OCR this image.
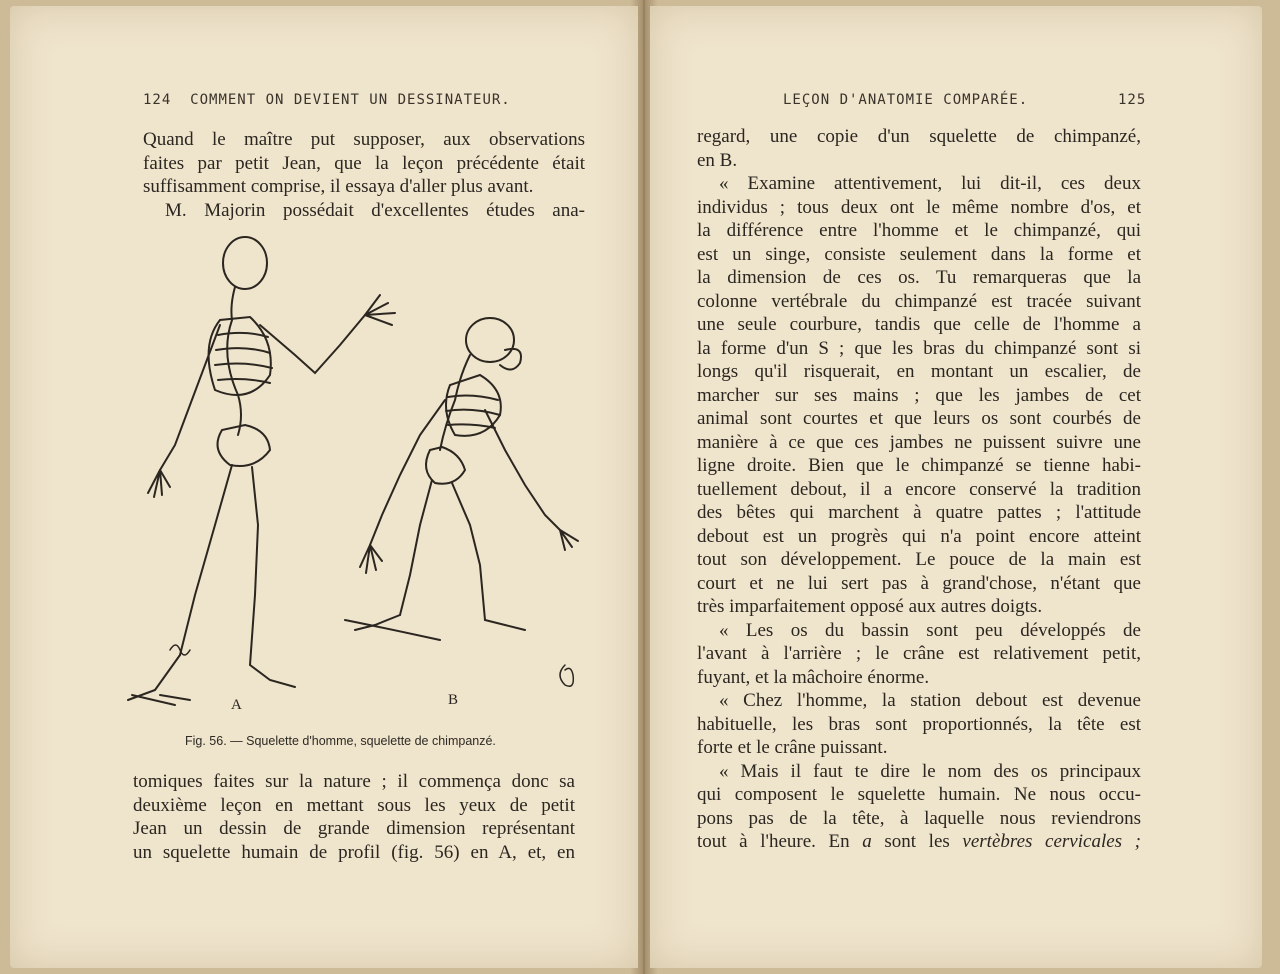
124 COMMENT ON DEVIENT UN DESSINATEUR.
Quand le maître put supposer, aux observations
faites par petit Jean, que la leçon précédente était
suffisamment comprise, il essaya d'aller plus avant.
M. Majorin possédait d'excellentes études ana-
A	B
Fig. 56. — Squelette d'homme, squelette de chimpanzé.
tomiques faites sur la nature ; il commença donc sa
deuxième leçon en mettant sous les yeux de petit
Jean un dessin de grande dimension représentant
un squelette humain de profil (fig. 56) en A, et, en
LEÇON D'ANATOMIE COMPARÉE.	125
regard, une copie d'un squelette de chimpanzé,
en B.
« Examine attentivement, lui dit-il, ces deux
individus ; tous deux ont le même nombre d'os, et
la différence entre l'homme et le chimpanzé, qui
est un singe, consiste seulement dans la forme et
la dimension de ces os. Tu remarqueras que la
colonne vertébrale du chimpanzé est tracée suivant
une seule courbure, tandis que celle de l'homme a
la forme d'un S ; que les bras du chimpanzé sont si
longs qu'il risquerait, en montant un escalier, de
marcher sur ses mains ; que les jambes de cet
animal sont courtes et que leurs os sont courbés de
manière à ce que ces jambes ne puissent suivre une
ligne droite. Bien que le chimpanzé se tienne habi-
tuellement debout, il a encore conservé la tradition
des bêtes qui marchent à quatre pattes ; l'attitude
debout est un progrès qui n'a point encore atteint
tout son développement. Le pouce de la main est
court et ne lui sert pas à grand'chose, n'étant que
très imparfaitement opposé aux autres doigts.
« Les os du bassin sont peu développés de
l'avant à l'arrière ; le crâne est relativement petit,
fuyant, et la mâchoire énorme.
« Chez l'homme, la station debout est devenue
habituelle, les bras sont proportionnés, la tête est
forte et le crâne puissant.
« Mais il faut te dire le nom des os principaux
qui composent le squelette humain. Ne nous occu-
pons pas de la tête, à laquelle nous reviendrons
tout à l'heure. En a sont les vertèbres cervicales ;
